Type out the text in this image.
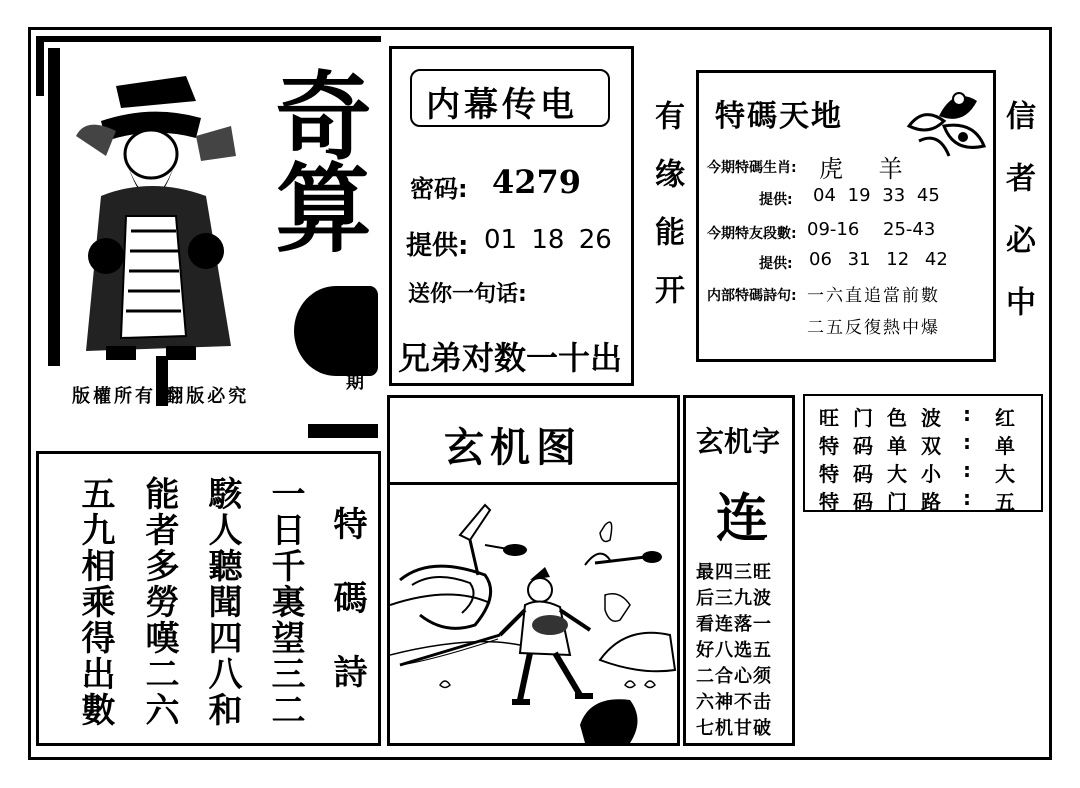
奇算
期
版權所有 翻版必究
内幕传电
密码: 4279
提供: 01 18 26
送你一句话:
兄弟对数一十出
有缘能开 特碼天地
今期特碼生肖: 虎 羊
提供: 04 19 33 45
今期特友段數: 09-16 25-43
提供: 06 31 12 42
内部特碼詩句: 一六直追當前數
二五反復熱中爆 信者必中
玄机图	玄机字
连
最四三旺
后三九波
看连落一
好八选五
二合心须
六神不击
七机甘破
旺门色波 : 红
特码单双 : 单
特码大小 : 大
特码门路 : 五
特碼詩
一日千裏望三二
駭人聽聞四八和
能者多勞嘆二六
五九相乘得出數
